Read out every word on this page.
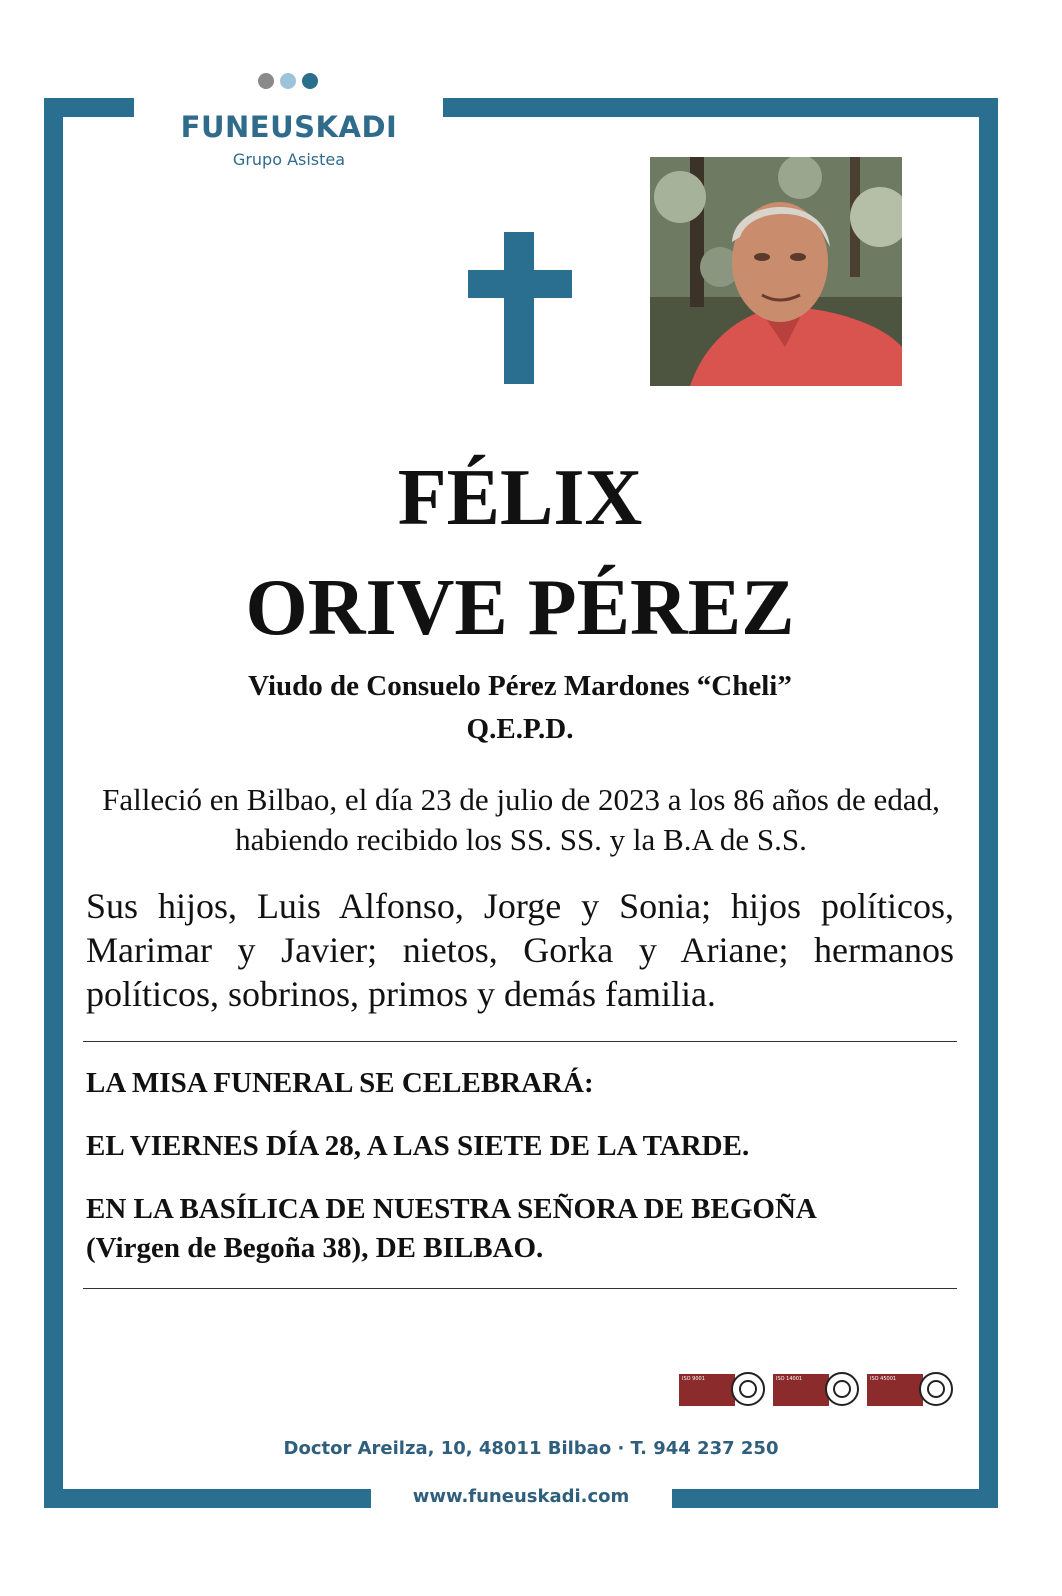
FUNEUSKADI
Grupo Asistea
FÉLIX
ORIVE PÉREZ
Viudo de Consuelo Pérez Mardones “Cheli”
Q.E.P.D.
Falleció en Bilbao, el día 23 de julio de 2023 a los 86 años de edad, habiendo recibido los SS. SS. y la B.A de S.S.
Sus hijos, Luis Alfonso, Jorge y Sonia; hijos políticos, Marimar y Javier; nietos, Gorka y Ariane; hermanos políticos, sobrinos, primos y demás familia.
LA MISA FUNERAL SE CELEBRARÁ:
EL VIERNES DÍA 28, A LAS SIETE DE LA TARDE.
EN LA BASÍLICA DE NUESTRA SEÑORA DE BEGOÑA
(Virgen de Begoña 38), DE BILBAO.
ISO 9001	ISO 14001	ISO 45001
Doctor Areilza, 10, 48011 Bilbao · T. 944 237 250
www.funeuskadi.com
